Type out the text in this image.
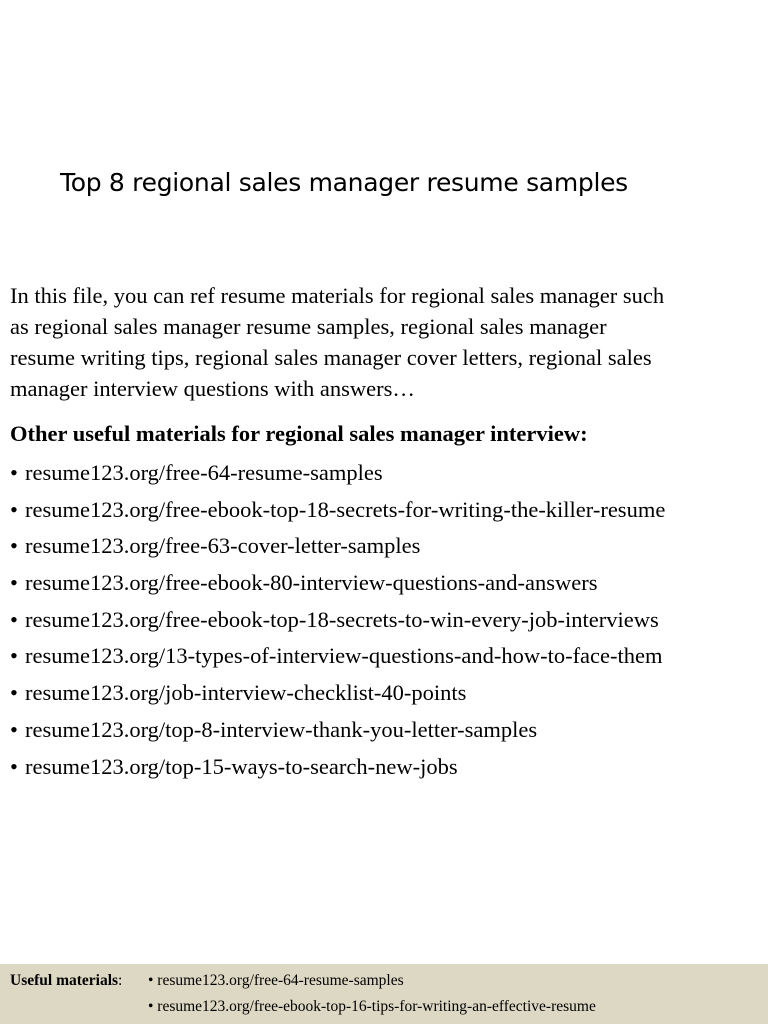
Top 8 regional sales manager resume samples

In this file, you can ref resume materials for regional sales manager such
as regional sales manager resume samples, regional sales manager
resume writing tips, regional sales manager cover letters, regional sales
manager interview questions with answers…

Other useful materials for regional sales manager interview:
• resume123.org/free-64-resume-samples
• resume123.org/free-ebook-top-18-secrets-for-writing-the-killer-resume
• resume123.org/free-63-cover-letter-samples
• resume123.org/free-ebook-80-interview-questions-and-answers
• resume123.org/free-ebook-top-18-secrets-to-win-every-job-interviews
• resume123.org/13-types-of-interview-questions-and-how-to-face-them
• resume123.org/job-interview-checklist-40-points
• resume123.org/top-8-interview-thank-you-letter-samples
• resume123.org/top-15-ways-to-search-new-jobs
Useful materials: • resume123.org/free-64-resume-samples
• resume123.org/free-ebook-top-16-tips-for-writing-an-effective-resume
